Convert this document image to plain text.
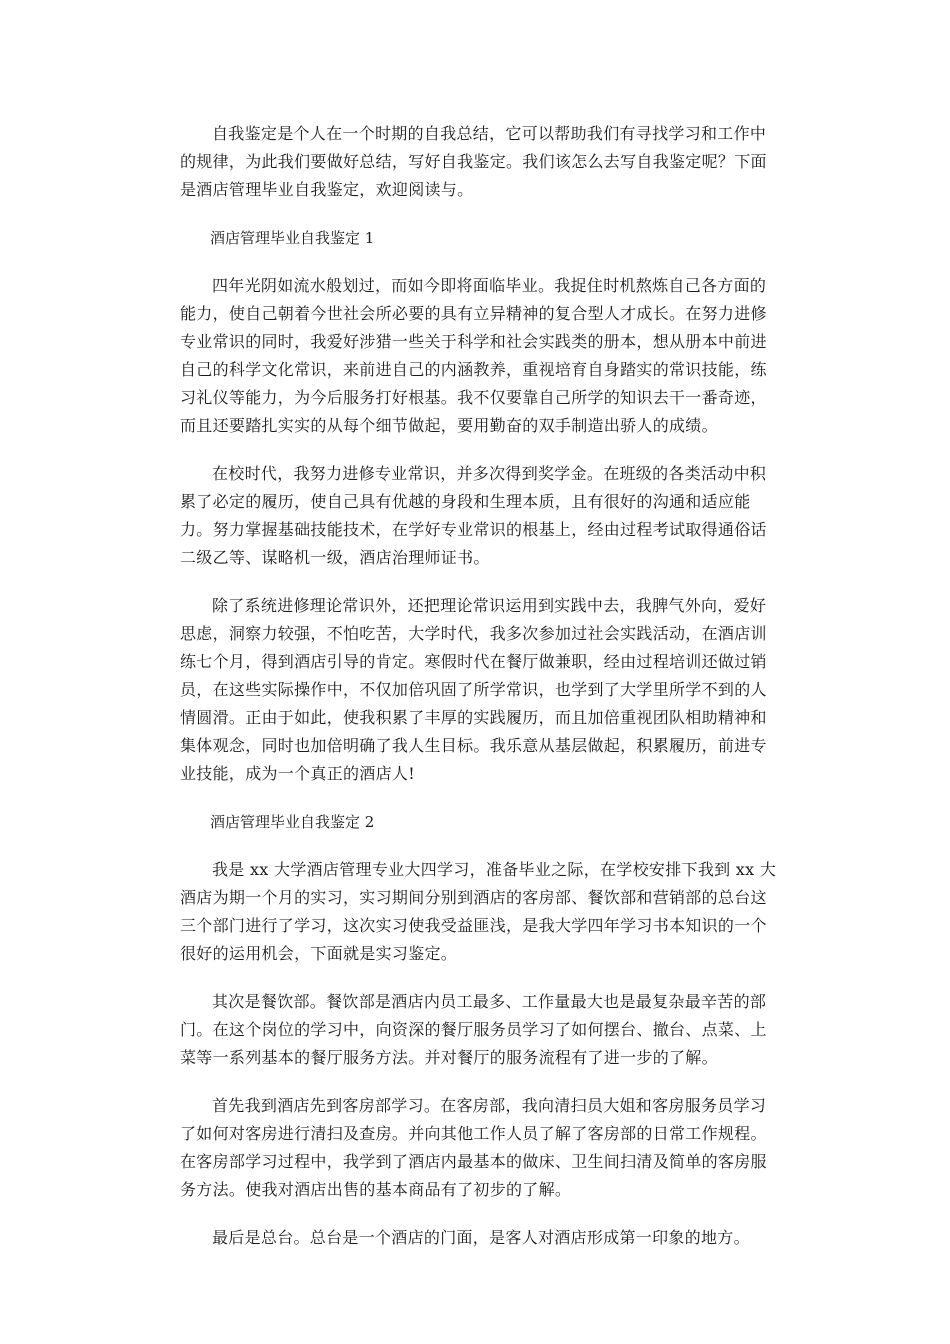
自我鉴定是个人在一个时期的自我总结，它可以帮助我们有寻找学习和工作中的规律，为此我们要做好总结，写好自我鉴定。我们该怎么去写自我鉴定呢？下面是酒店管理毕业自我鉴定，欢迎阅读与。

酒店管理毕业自我鉴定 1

四年光阴如流水般划过，而如今即将面临毕业。我捉住时机熬炼自己各方面的能力，使自己朝着今世社会所必要的具有立异精神的复合型人才成长。在努力进修专业常识的同时，我爱好涉猎一些关于科学和社会实践类的册本，想从册本中前进自己的科学文化常识，来前进自己的内涵教养，重视培育自身踏实的常识技能，练习礼仪等能力，为今后服务打好根基。我不仅要靠自己所学的知识去干一番奇迹，而且还要踏扎实实的从每个细节做起，要用勤奋的双手制造出骄人的成绩。

在校时代，我努力进修专业常识，并多次得到奖学金。在班级的各类活动中积累了必定的履历，使自己具有优越的身段和生理本质，且有很好的沟通和适应能力。努力掌握基础技能技术，在学好专业常识的根基上，经由过程考试取得通俗话二级乙等、谋略机一级，酒店治理师证书。

除了系统进修理论常识外，还把理论常识运用到实践中去，我脾气外向，爱好思虑，洞察力较强，不怕吃苦，大学时代，我多次参加过社会实践活动，在酒店训练七个月，得到酒店引导的肯定。寒假时代在餐厅做兼职，经由过程培训还做过销员，在这些实际操作中，不仅加倍巩固了所学常识，也学到了大学里所学不到的人情圆滑。正由于如此，使我积累了丰厚的实践履历，而且加倍重视团队相助精神和集体观念，同时也加倍明确了我人生目标。我乐意从基层做起，积累履历，前进专业技能，成为一个真正的酒店人!

酒店管理毕业自我鉴定 2

我是 xx 大学酒店管理专业大四学习，准备毕业之际，在学校安排下我到 xx 大酒店为期一个月的实习，实习期间分别到酒店的客房部、餐饮部和营销部的总台这三个部门进行了学习，这次实习使我受益匪浅，是我大学四年学习书本知识的一个很好的运用机会，下面就是实习鉴定。

其次是餐饮部。餐饮部是酒店内员工最多、工作量最大也是最复杂最辛苦的部门。在这个岗位的学习中，向资深的餐厅服务员学习了如何摆台、撤台、点菜、上菜等一系列基本的餐厅服务方法。并对餐厅的服务流程有了进一步的了解。

首先我到酒店先到客房部学习。在客房部，我向清扫员大姐和客房服务员学习了如何对客房进行清扫及查房。并向其他工作人员了解了客房部的日常工作规程。在客房部学习过程中，我学到了酒店内最基本的做床、卫生间扫清及简单的客房服务方法。使我对酒店出售的基本商品有了初步的了解。

最后是总台。总台是一个酒店的门面，是客人对酒店形成第一印象的地方。
